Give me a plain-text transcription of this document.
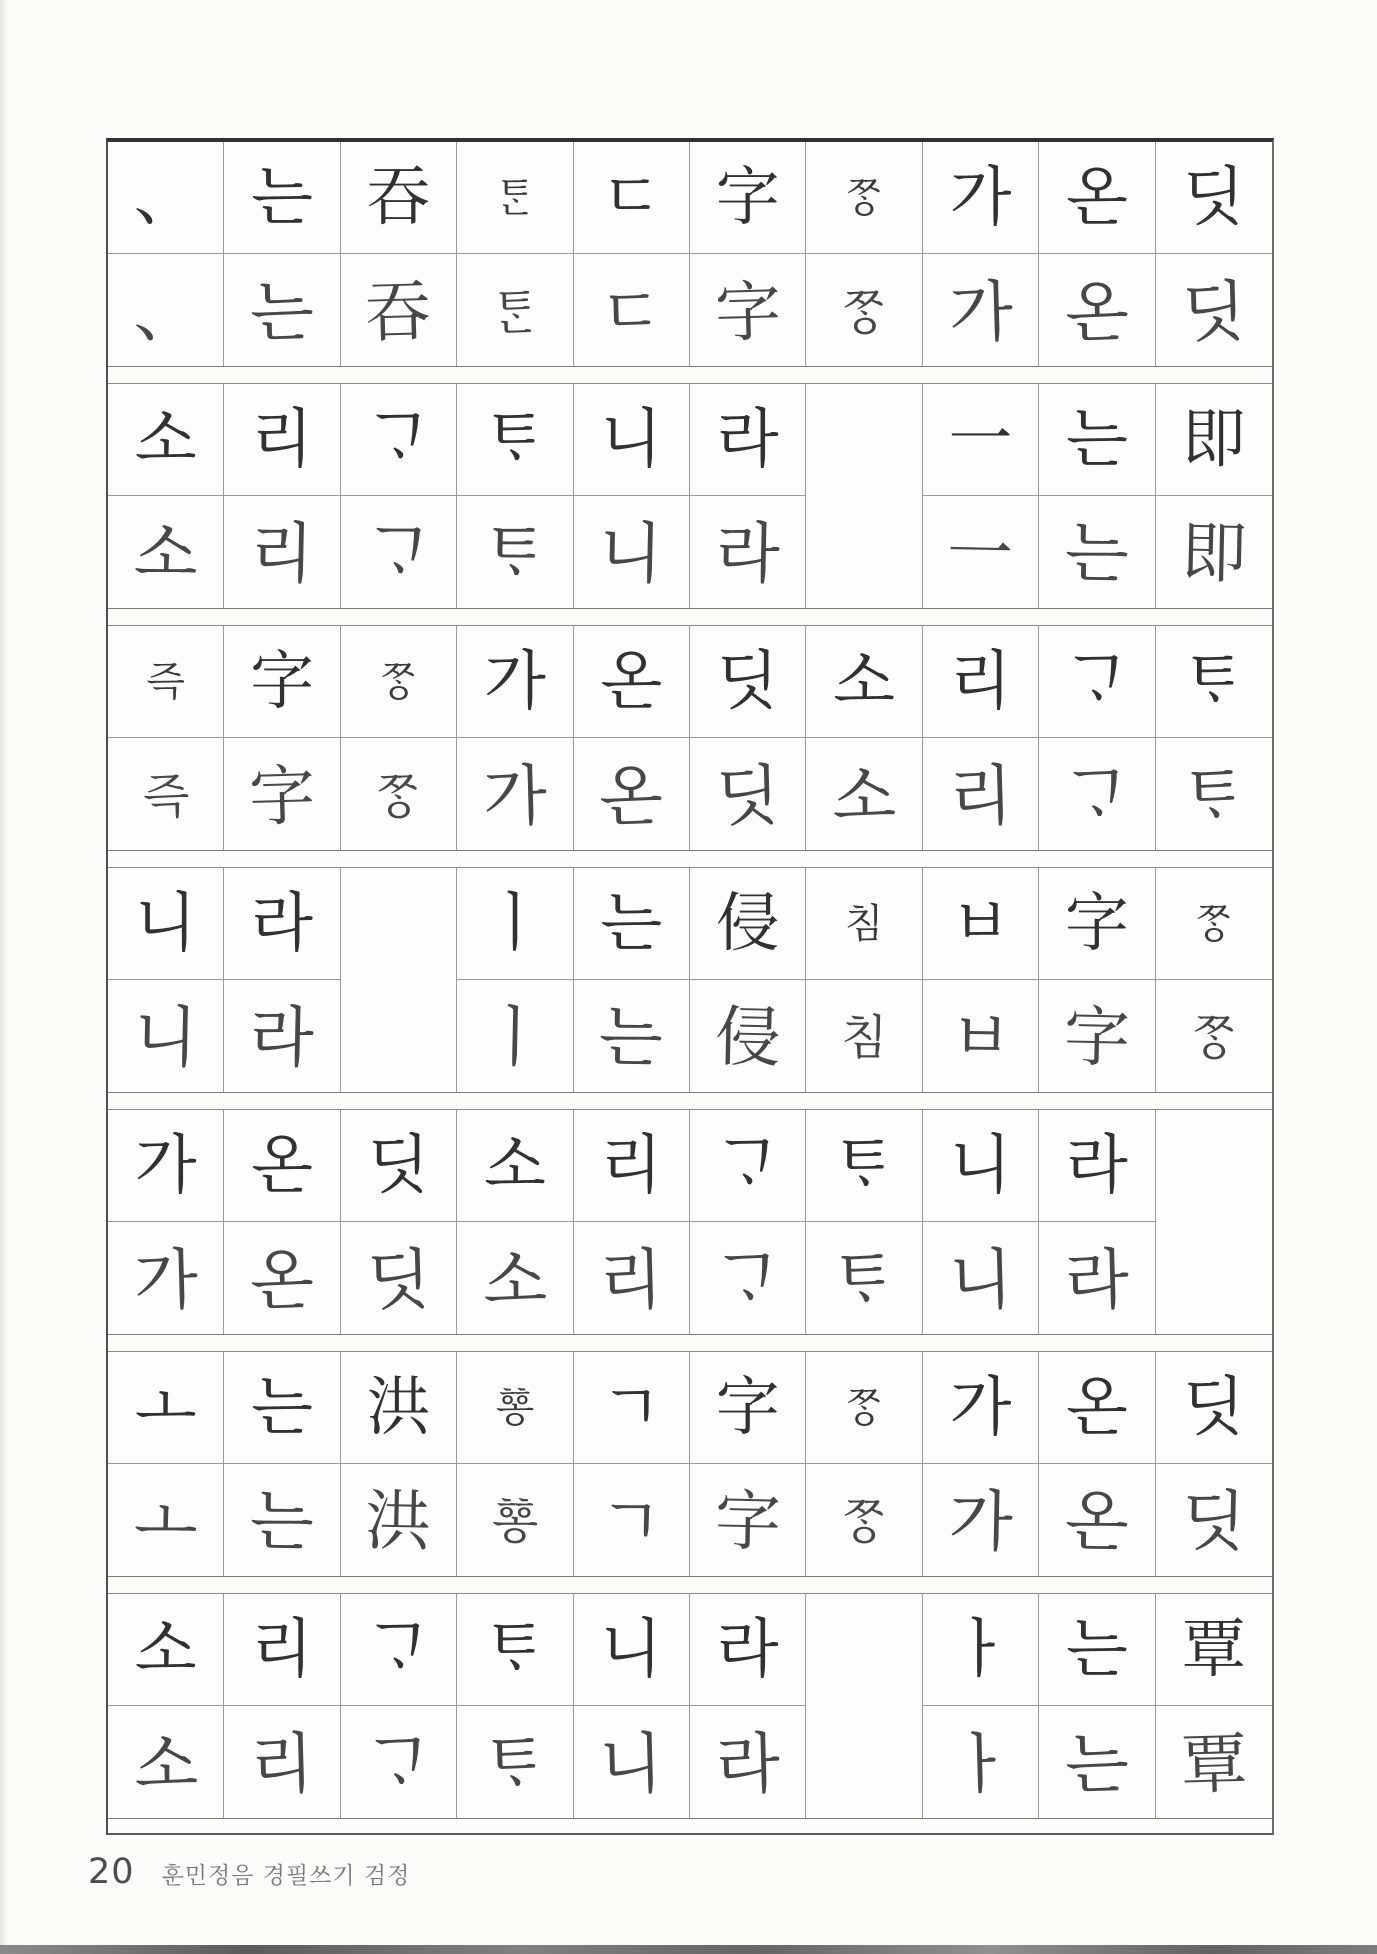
、
、
는
는
吞
吞
ᄐᆞᆫ
ᄐᆞᆫ
ㄷ
ㄷ
字
字
ᄍᆞᆼ
ᄍᆞᆼ
가
가
온
온
딧
딧
소
소
리
리
ᄀᆞ
ᄀᆞ
ᄐᆞ
ᄐᆞ
니
니
라
라
一
一
는
는
即
即
즉
즉
字
字
ᄍᆞᆼ
ᄍᆞᆼ
가
가
온
온
딧
딧
소
소
리
리
ᄀᆞ
ᄀᆞ
ᄐᆞ
ᄐᆞ
니
니
라
라
ㅣ
ㅣ
는
는
侵
侵
침
침
ㅂ
ㅂ
字
字
ᄍᆞᆼ
ᄍᆞᆼ
가
가
온
온
딧
딧
소
소
리
리
ᄀᆞ
ᄀᆞ
ᄐᆞ
ᄐᆞ
니
니
라
라
ㅗ
ㅗ
는
는
洪
洪
ᅘᅩᆼ
ᅘᅩᆼ
ㄱ
ㄱ
字
字
ᄍᆞᆼ
ᄍᆞᆼ
가
가
온
온
딧
딧
소
소
리
리
ᄀᆞ
ᄀᆞ
ᄐᆞ
ᄐᆞ
니
니
라
라
ㅏ
ㅏ
는
는
覃
覃
20 훈민정음 경필쓰기 검정
